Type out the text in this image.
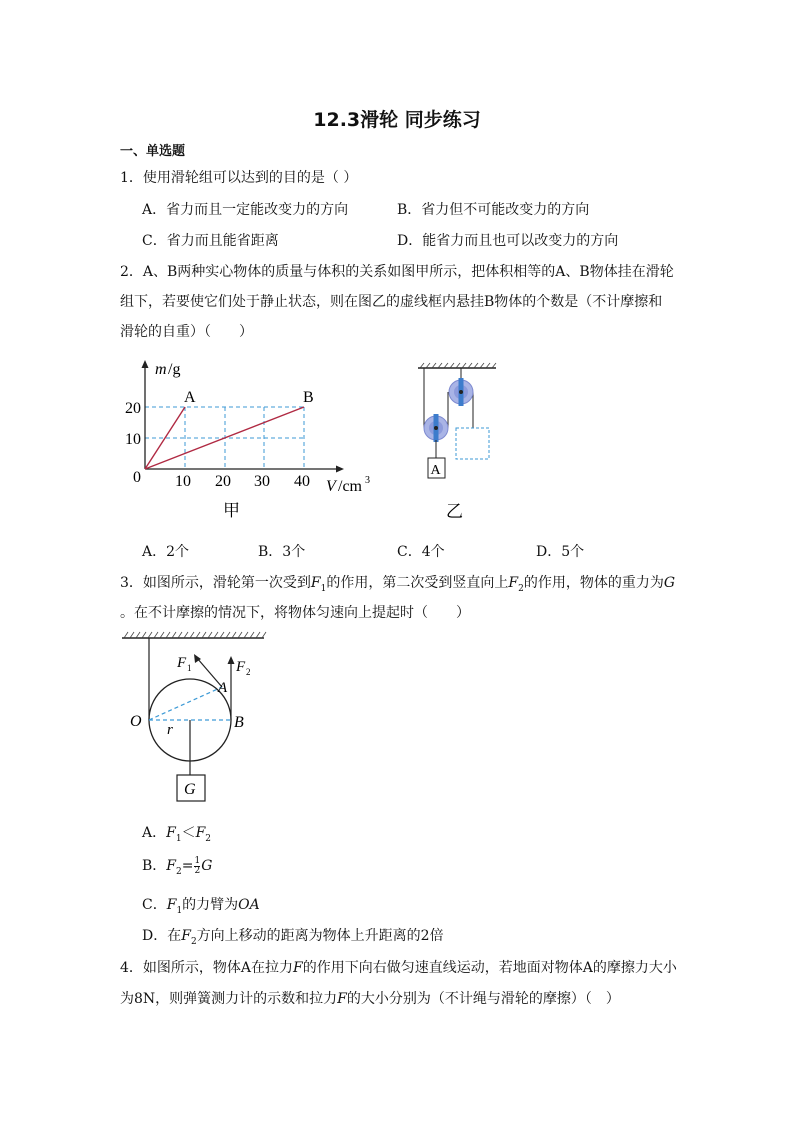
12.3滑轮 同步练习
一、单选题
1．使用滑轮组可以达到的目的是（ ）
A．省力而且一定能改变力的方向	B．省力但不可能改变力的方向
C．省力而且能省距离	D．能省力而且也可以改变力的方向
2．A、B两种实心物体的质量与体积的关系如图甲所示，把体积相等的A、B物体挂在滑轮
组下，若要使它们处于静止状态，则在图乙的虚线框内悬挂B物体的个数是（不计摩擦和
滑轮的自重）（　　）
m /g
20
10
0 10 20 30 40 V /cm 3
A	B
甲
A
乙
A．2个	B．3个	C．4个	D．5个
3．如图所示，滑轮第一次受到$F_1$的作用，第二次受到竖直向上$F_2$的作用，物体的重力为G
。在不计摩擦的情况下，将物体匀速向上提起时（　　）
G
F 1	F 2
A
O	B
r
A．$F_1<F_2$
B．$F_2= \frac{1}{2}$ G
C．$F_1$的力臂为OA
D．在$F_2$方向上移动的距离为物体上升距离的2倍
4．如图所示，物体A在拉力F的作用下向右做匀速直线运动，若地面对物体A的摩擦力大小
为8N，则弹簧测力计的示数和拉力F的大小分别为（不计绳与滑轮的摩擦）（　）
